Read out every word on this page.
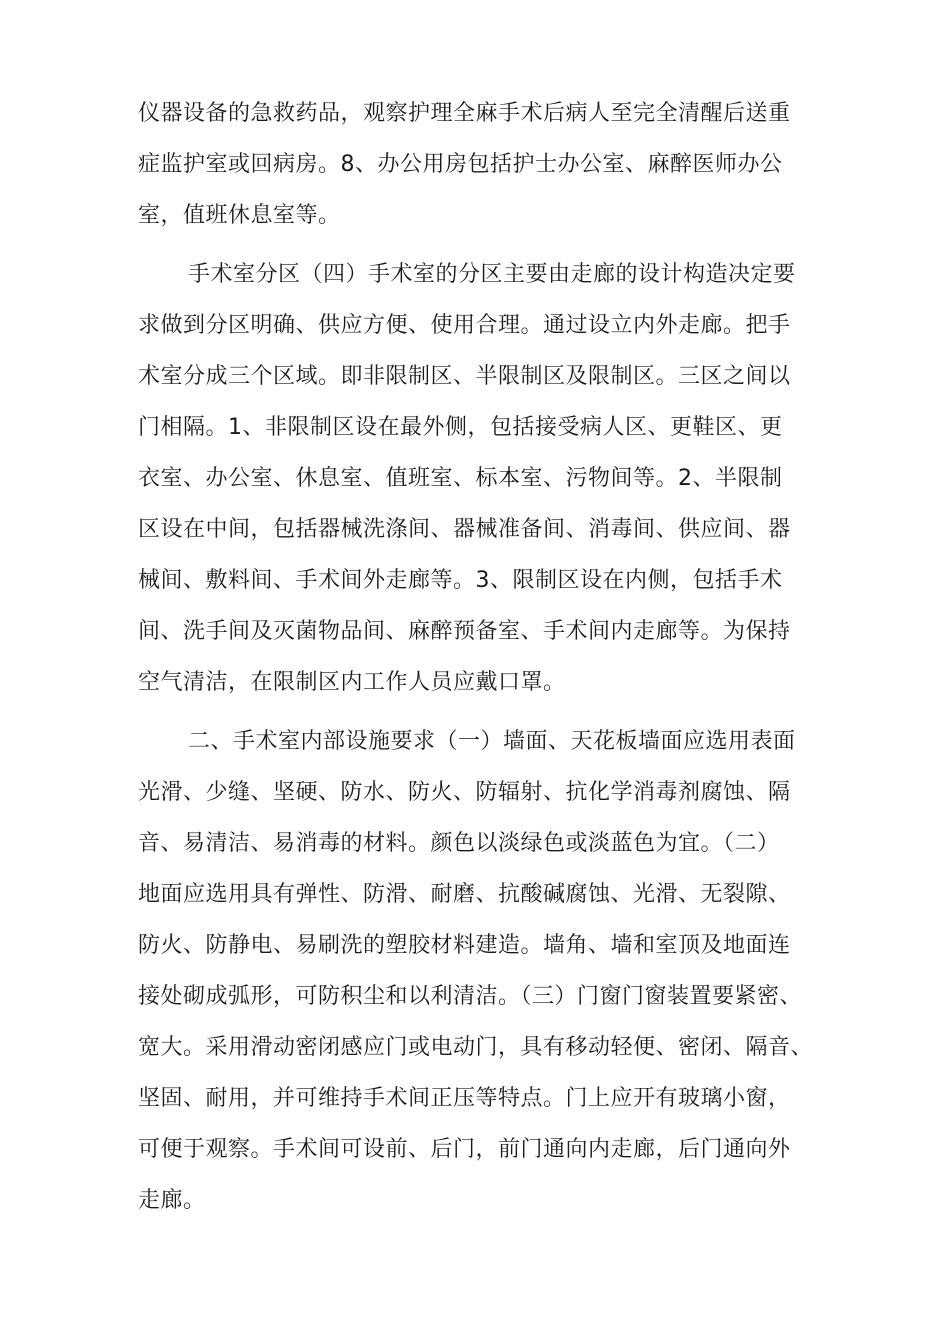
仪器设备的急救药品，观察护理全麻手术后病人至完全清醒后送重
症监护室或回病房。8、办公用房包括护士办公室、麻醉医师办公
室，值班休息室等。
手术室分区（四）手术室的分区主要由走廊的设计构造决定要
求做到分区明确、供应方便、使用合理。通过设立内外走廊。把手
术室分成三个区域。即非限制区、半限制区及限制区。三区之间以
门相隔。1、非限制区设在最外侧，包括接受病人区、更鞋区、更
衣室、办公室、休息室、值班室、标本室、污物间等。2、半限制
区设在中间，包括器械洗涤间、器械准备间、消毒间、供应间、器
械间、敷料间、手术间外走廊等。3、限制区设在内侧，包括手术
间、洗手间及灭菌物品间、麻醉预备室、手术间内走廊等。为保持
空气清洁，在限制区内工作人员应戴口罩。
二、手术室内部设施要求（一）墙面、天花板墙面应选用表面
光滑、少缝、坚硬、防水、防火、防辐射、抗化学消毒剂腐蚀、隔
音、易清洁、易消毒的材料。颜色以淡绿色或淡蓝色为宜。（二）
地面应选用具有弹性、防滑、耐磨、抗酸碱腐蚀、光滑、无裂隙、
防火、防静电、易刷洗的塑胶材料建造。墙角、墙和室顶及地面连
接处砌成弧形，可防积尘和以利清洁。（三）门窗门窗装置要紧密、
宽大。采用滑动密闭感应门或电动门，具有移动轻便、密闭、隔音、
坚固、耐用，并可维持手术间正压等特点。门上应开有玻璃小窗，
可便于观察。手术间可设前、后门，前门通向内走廊，后门通向外
走廊。
